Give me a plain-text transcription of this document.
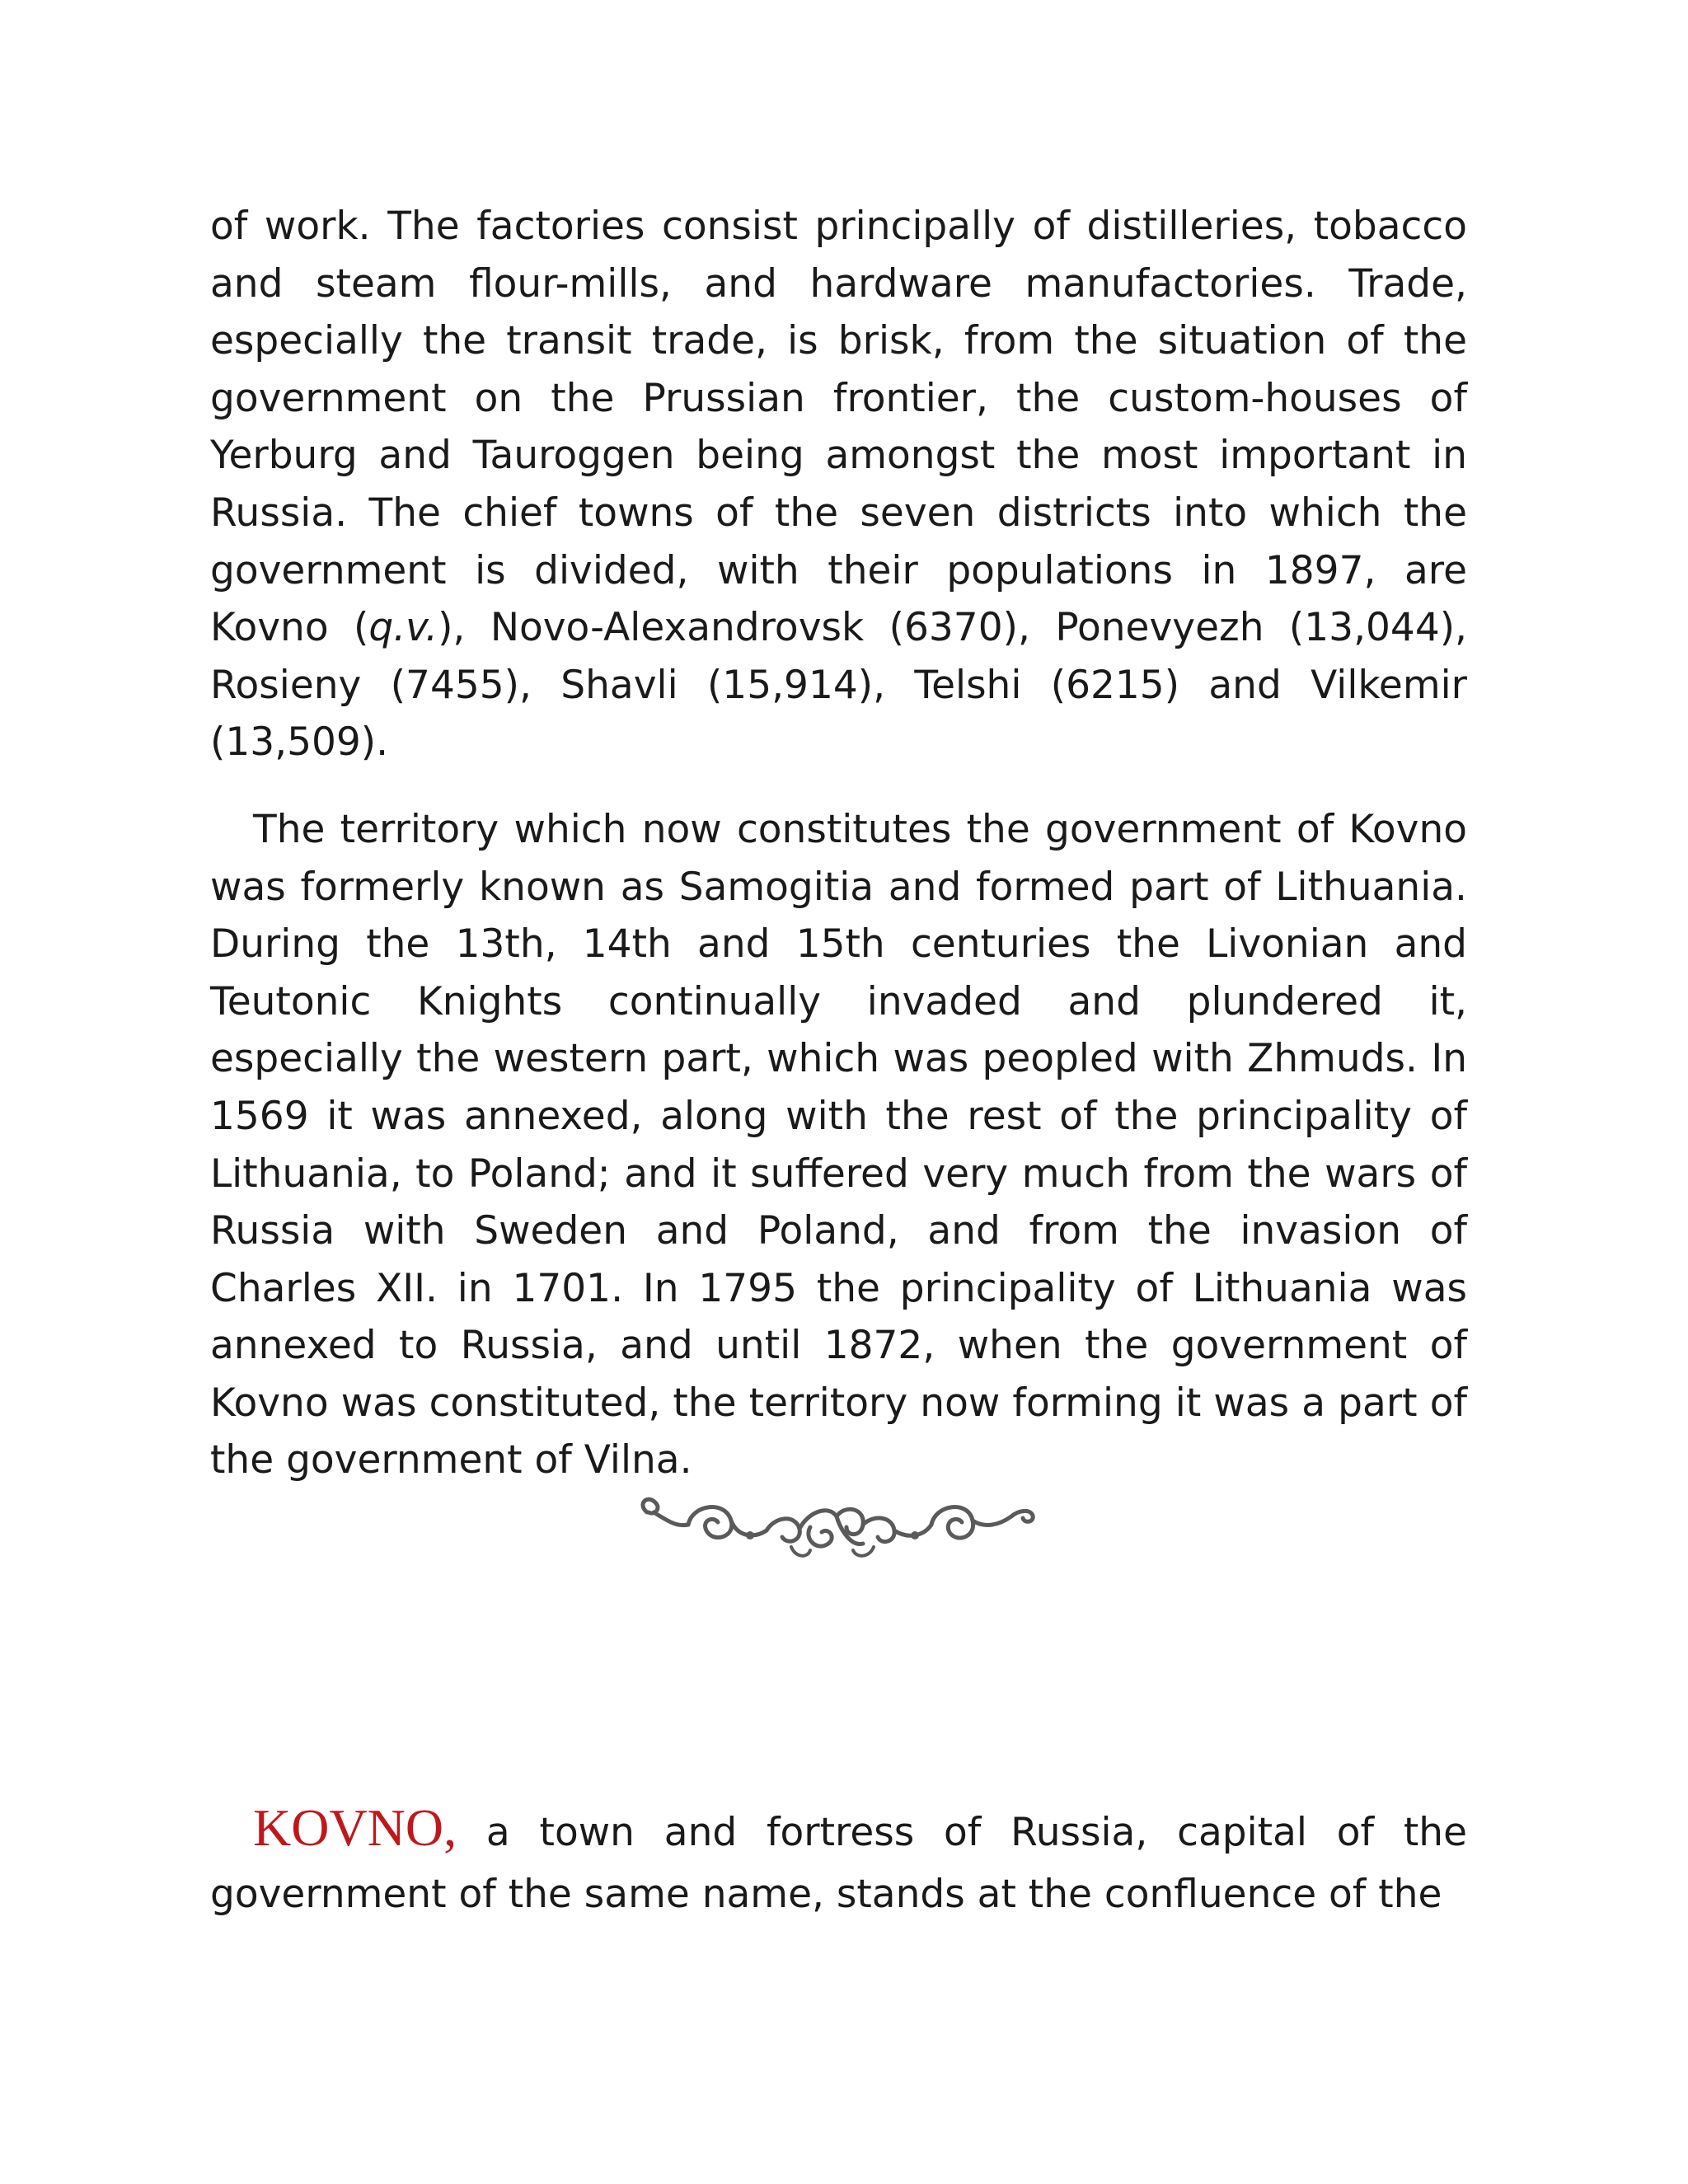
of work. The factories consist principally of distilleries, tobacco and steam flour-mills, and hardware manufactories. Trade, especially the transit trade, is brisk, from the situation of the government on the Prussian frontier, the custom-houses of Yerburg and Tauroggen being amongst the most important in Russia. The chief towns of the seven districts into which the government is divided, with their populations in 1897, are Kovno (q.v.), Novo-Alexandrovsk (6370), Ponevyezh (13,044), Rosieny (7455), Shavli (15,914), Telshi (6215) and Vilkemir (13,509).

The territory which now constitutes the government of Kovno was formerly known as Samogitia and formed part of Lithuania. During the 13th, 14th and 15th centuries the Livonian and Teutonic Knights continually invaded and plundered it, especially the western part, which was peopled with Zhmuds. In 1569 it was annexed, along with the rest of the principality of Lithuania, to Poland; and it suffered very much from the wars of Russia with Sweden and Poland, and from the invasion of Charles XII. in 1701. In 1795 the principality of Lithuania was annexed to Russia, and until 1872, when the government of Kovno was constituted, the territory now forming it was a part of the government of Vilna.

KOVNO, a town and fortress of Russia, capital of the government of the same name, stands at the confluence of the
